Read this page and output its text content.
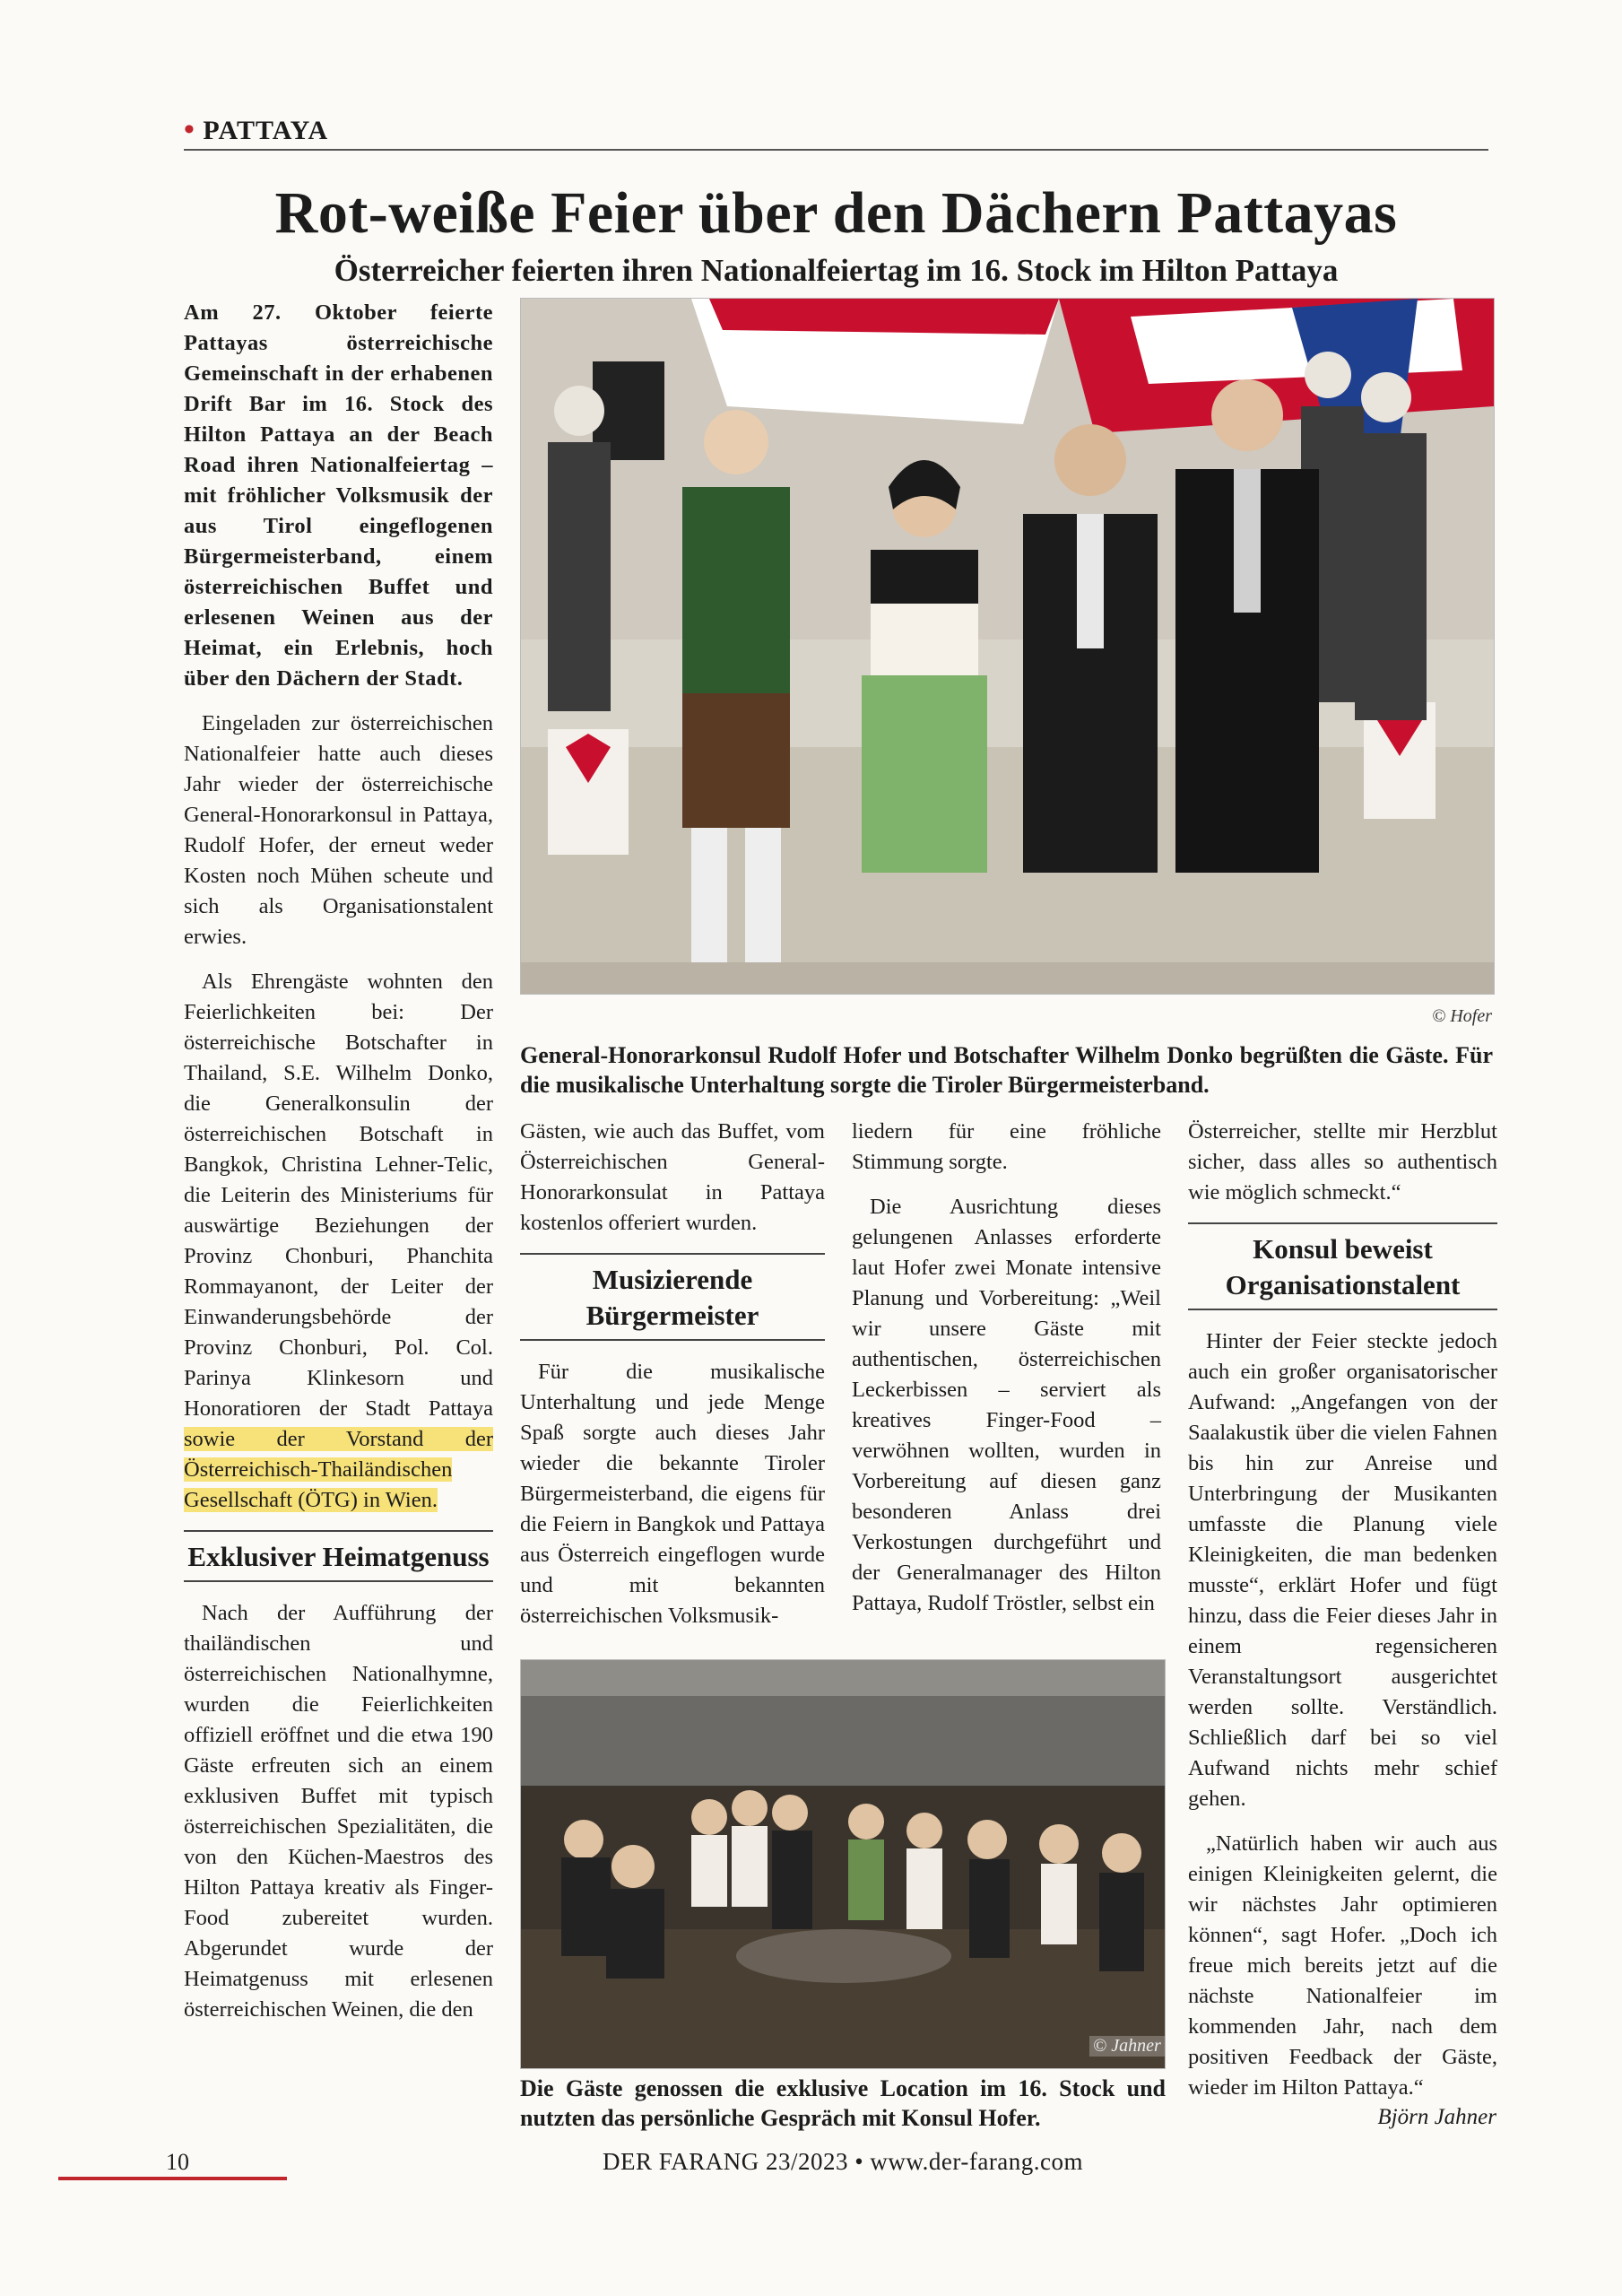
• PATTAYA
Rot-weiße Feier über den Dächern Pattayas
Österreicher feierten ihren Nationalfeiertag im 16. Stock im Hilton Pattaya

Am 27. Oktober feierte Pattayas österreichische Gemeinschaft in der erhabenen Drift Bar im 16. Stock des Hilton Pattaya an der Beach Road ihren Nationalfeiertag – mit fröhlicher Volksmusik der aus Tirol eingeflogenen Bürgermeisterband, einem österreichischen Buffet und erlesenen Weinen aus der Heimat, ein Erlebnis, hoch über den Dächern der Stadt.

Eingeladen zur österreichischen Nationalfeier hatte auch dieses Jahr wieder der österreichische General-Honorarkonsul in Pattaya, Rudolf Hofer, der erneut weder Kosten noch Mühen scheute und sich als Organisationstalent erwies.

Als Ehrengäste wohnten den Feierlichkeiten bei: Der österreichische Botschafter in Thailand, S.E. Wilhelm Donko, die Generalkonsulin der österreichischen Botschaft in Bangkok, Christina Lehner-Telic, die Leiterin des Ministeriums für auswärtige Beziehungen der Provinz Chonburi, Phanchita Rommayanont, der Leiter der Einwanderungsbehörde der Provinz Chonburi, Pol. Col. Parinya Klinkesorn und Honoratioren der Stadt Pattaya sowie der Vorstand der Österreichisch-Thailändischen Gesellschaft (ÖTG) in Wien.

Exklusiver Heimatgenuss

Nach der Aufführung der thailändischen und österreichischen Nationalhymne, wurden die Feierlichkeiten offiziell eröffnet und die etwa 190 Gäste erfreuten sich an einem exklusiven Buffet mit typisch österreichischen Spezialitäten, die von den Küchen-Maestros des Hilton Pattaya kreativ als Finger-Food zubereitet wurden. Abgerundet wurde der Heimatgenuss mit erlesenen österreichischen Weinen, die den

© Hofer
General-Honorarkonsul Rudolf Hofer und Botschafter Wilhelm Donko begrüßten die Gäste. Für die musikalische Unterhaltung sorgte die Tiroler Bürgermeisterband.

Gästen, wie auch das Buffet, vom Österreichischen General-Honorarkonsulat in Pattaya kostenlos offeriert wurden.

Musizierende Bürgermeister

Für die musikalische Unterhaltung und jede Menge Spaß sorgte auch dieses Jahr wieder die bekannte Tiroler Bürgermeisterband, die eigens für die Feiern in Bangkok und Pattaya aus Österreich eingeflogen wurde und mit bekannten österreichischen Volksmusik-

liedern für eine fröhliche Stimmung sorgte.

Die Ausrichtung dieses gelungenen Anlasses erforderte laut Hofer zwei Monate intensive Planung und Vorbereitung: „Weil wir unsere Gäste mit authentischen, österreichischen Leckerbissen – serviert als kreatives Finger-Food – verwöhnen wollten, wurden in Vorbereitung auf diesen ganz besonderen Anlass drei Verkostungen durchgeführt und der Generalmanager des Hilton Pattaya, Rudolf Tröstler, selbst ein

Österreicher, stellte mir Herzblut sicher, dass alles so authentisch wie möglich schmeckt.“

Konsul beweist Organisationstalent

Hinter der Feier steckte jedoch auch ein großer organisatorischer Aufwand: „Angefangen von der Saalakustik über die vielen Fahnen bis hin zur Anreise und Unterbringung der Musikanten umfasste die Planung viele Kleinigkeiten, die man bedenken musste“, erklärt Hofer und fügt hinzu, dass die Feier dieses Jahr in einem regensicheren Veranstaltungsort ausgerichtet werden sollte. Verständlich. Schließlich darf bei so viel Aufwand nichts mehr schief gehen.

„Natürlich haben wir auch aus einigen Kleinigkeiten gelernt, die wir nächstes Jahr optimieren können“, sagt Hofer. „Doch ich freue mich bereits jetzt auf die nächste Nationalfeier im kommenden Jahr, nach dem positiven Feedback der Gäste, wieder im Hilton Pattaya.“

© Jahner
Die Gäste genossen die exklusive Location im 16. Stock und nutzten das persönliche Gespräch mit Konsul Hofer.	Björn Jahner
10	DER FARANG 23/2023 • www.der-farang.com
